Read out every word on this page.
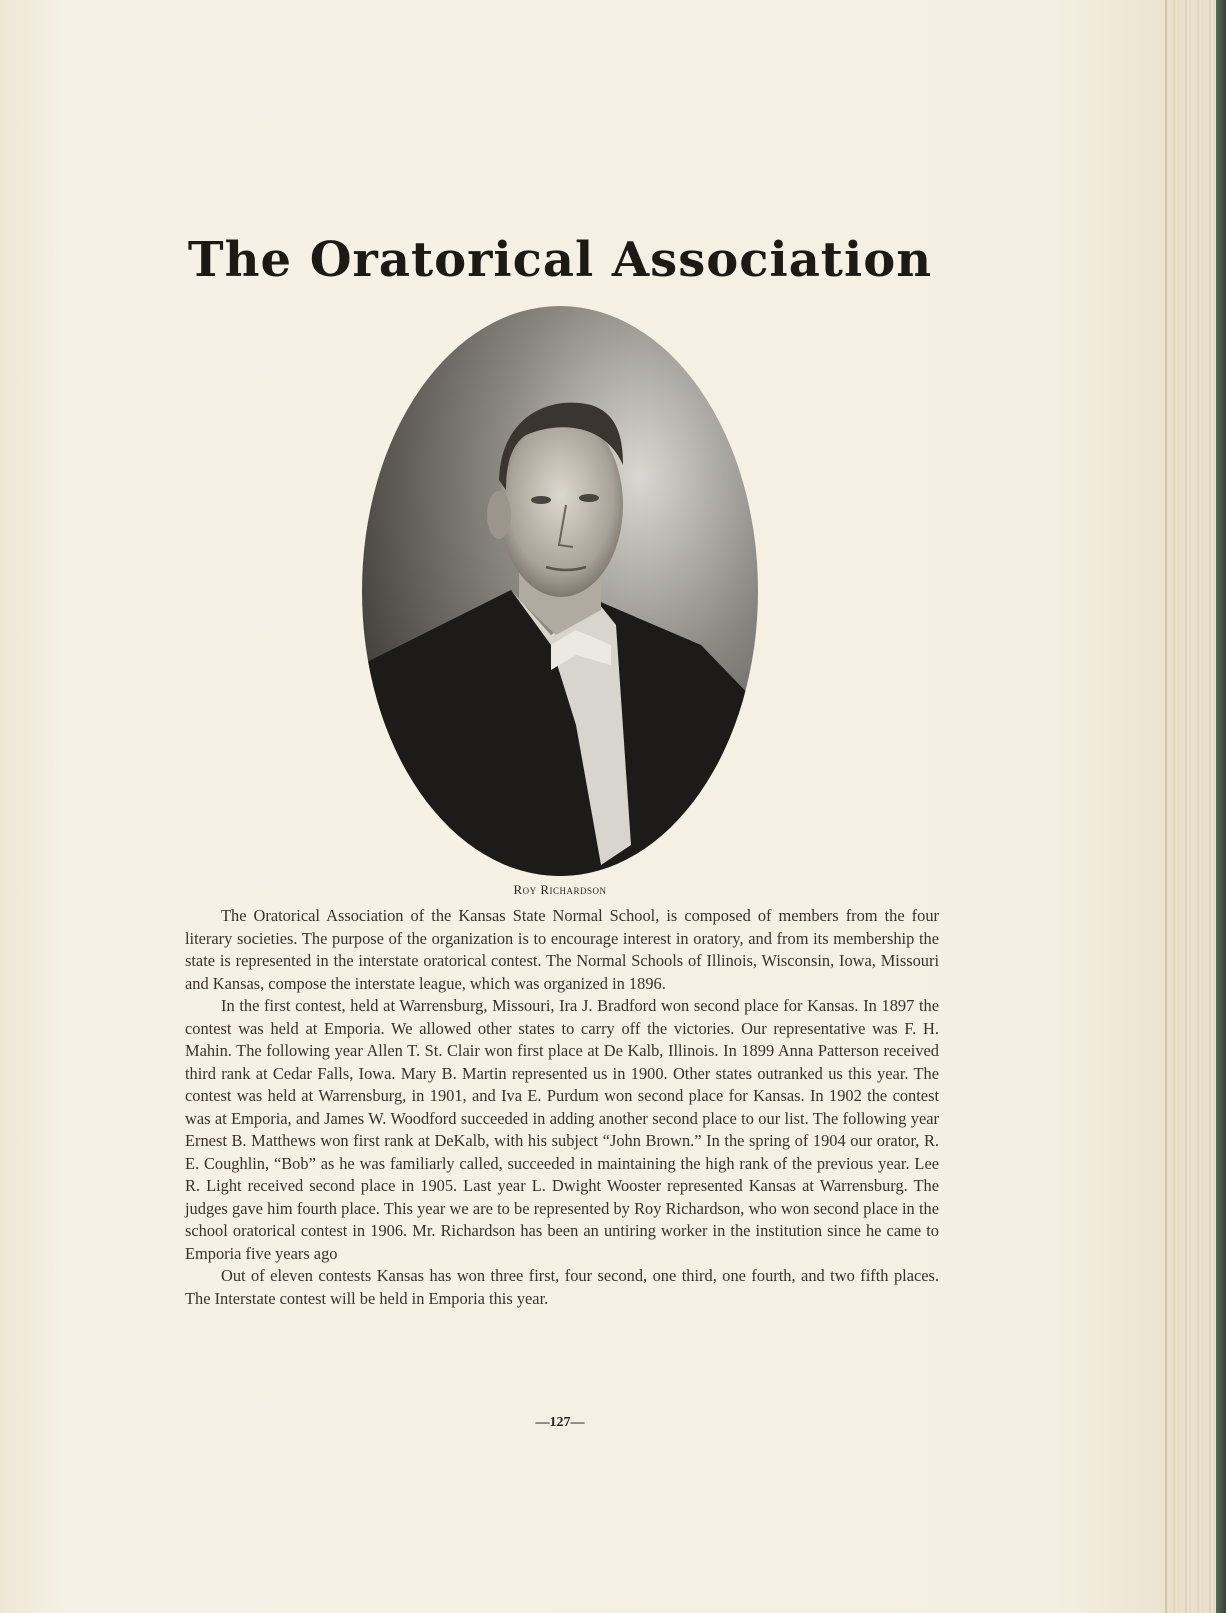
The Oratorical Association
Roy Richardson

The Oratorical Association of the Kansas State Normal School, is composed of members from the four literary societies. The purpose of the organization is to encourage interest in oratory, and from its membership the state is represented in the interstate oratorical contest. The Normal Schools of Illinois, Wisconsin, Iowa, Missouri and Kansas, compose the interstate league, which was organized in 1896.

In the first contest, held at Warrensburg, Missouri, Ira J. Bradford won second place for Kansas. In 1897 the contest was held at Emporia. We allowed other states to carry off the victories. Our representative was F. H. Mahin. The following year Allen T. St. Clair won first place at De Kalb, Illinois. In 1899 Anna Patterson received third rank at Cedar Falls, Iowa. Mary B. Martin represented us in 1900. Other states outranked us this year. The contest was held at Warrensburg, in 1901, and Iva E. Purdum won second place for Kansas. In 1902 the contest was at Emporia, and James W. Woodford succeeded in adding another second place to our list. The following year Ernest B. Matthews won first rank at DeKalb, with his subject “John Brown.” In the spring of 1904 our orator, R. E. Coughlin, “Bob” as he was familiarly called, succeeded in maintaining the high rank of the previous year. Lee R. Light received second place in 1905. Last year L. Dwight Wooster represented Kansas at Warrensburg. The judges gave him fourth place. This year we are to be represented by Roy Richardson, who won second place in the school oratorical contest in 1906. Mr. Richardson has been an untiring worker in the institution since he came to Emporia five years ago

Out of eleven contests Kansas has won three first, four second, one third, one fourth, and two fifth places. The Interstate contest will be held in Emporia this year.

—127—
